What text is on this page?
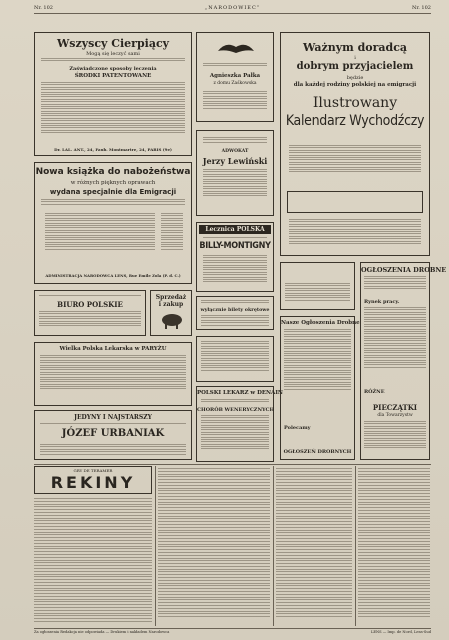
Nr. 102	„NARODOWIEC”	Nr. 102
Wszyscy Cierpiący
Mogą się leczyć sami
Zaświadczone sposoby leczenia
ŚRODKI PATENTOWANE
Dr. LAL. ANT., 24, Faub. Montmartre, 24, PARIS (9e)
Agnieszka Pałka
z domu Zaśkowska
Ważnym doradcą
i
dobrym przyjacielem
będzie
dla każdej rodziny polskiej na emigracji
Ilustrowany
Kalendarz Wychodźczy
ADWOKAT
Jerzy Lewiński
Nowa książka do nabożeństwa
w różnych pięknych oprawach
wydana specjalnie dla Emigracji
ADMINISTRACJA NARODOWCA LENS, Rue Emile Zola (P. d. C.)
Lecznica POLSKA
BILLY-MONTIGNY
wyłącznie bilety okrętowe
OGŁOSZENIA DROBNE
Rynek pracy.
RÓŻNE
PIECZĄTKI
dla Towarzystw
Nasze Ogłoszenia Drobne
Polecamy
OGŁOSZEŃ DROBNYCH
BIURO POLSKIE
Sprzedaż
i zakup
Wielka Polska Lekarska w PARYŻU
POLSKI LEKARZ w DENAIN
CHORÓB WENERYCZNYCH
JEDYNY I NAJSTARSZY
JÓZEF URBANIAK
GRY DE TERAMER
REKINY
Za ogłoszenia Redakcja nie odpowiada — Drukiem i nakładem Narodowca	LENS — Imp. de Nord, Lens-Sud
